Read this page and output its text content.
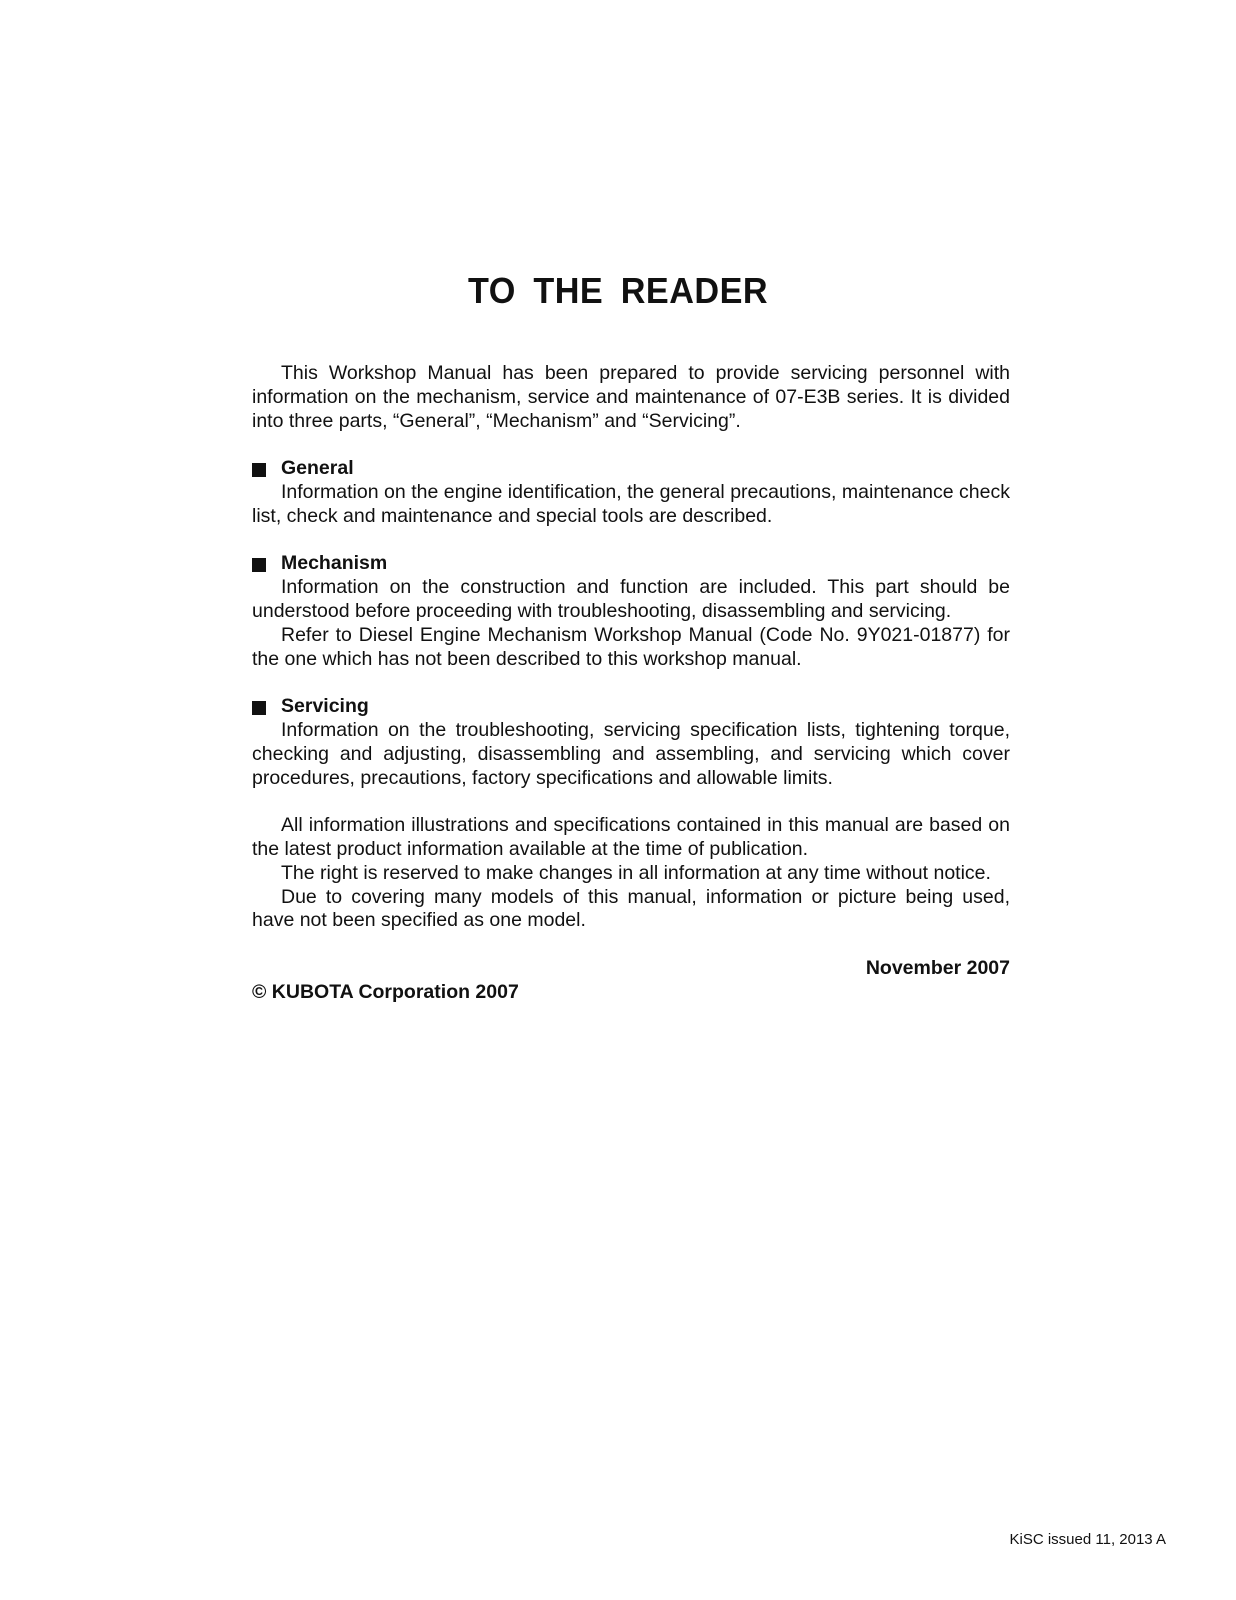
TO THE READER

This Workshop Manual has been prepared to provide servicing personnel with information on the mechanism, service and maintenance of 07-E3B series. It is divided into three parts, “General”, “Mechanism” and “Servicing”.

General

Information on the engine identification, the general precautions, maintenance check list, check and maintenance and special tools are described.

Mechanism

Information on the construction and function are included. This part should be understood before proceeding with troubleshooting, disassembling and servicing.

Refer to Diesel Engine Mechanism Workshop Manual (Code No. 9Y021-01877) for the one which has not been described to this workshop manual.

Servicing

Information on the troubleshooting, servicing specification lists, tightening torque, checking and adjusting, disassembling and assembling, and servicing which cover procedures, precautions, factory specifications and allowable limits.

All information illustrations and specifications contained in this manual are based on the latest product information available at the time of publication.

The right is reserved to make changes in all information at any time without notice.

Due to covering many models of this manual, information or picture being used, have not been specified as one model.

November 2007
© KUBOTA Corporation 2007
KiSC issued 11, 2013 A
